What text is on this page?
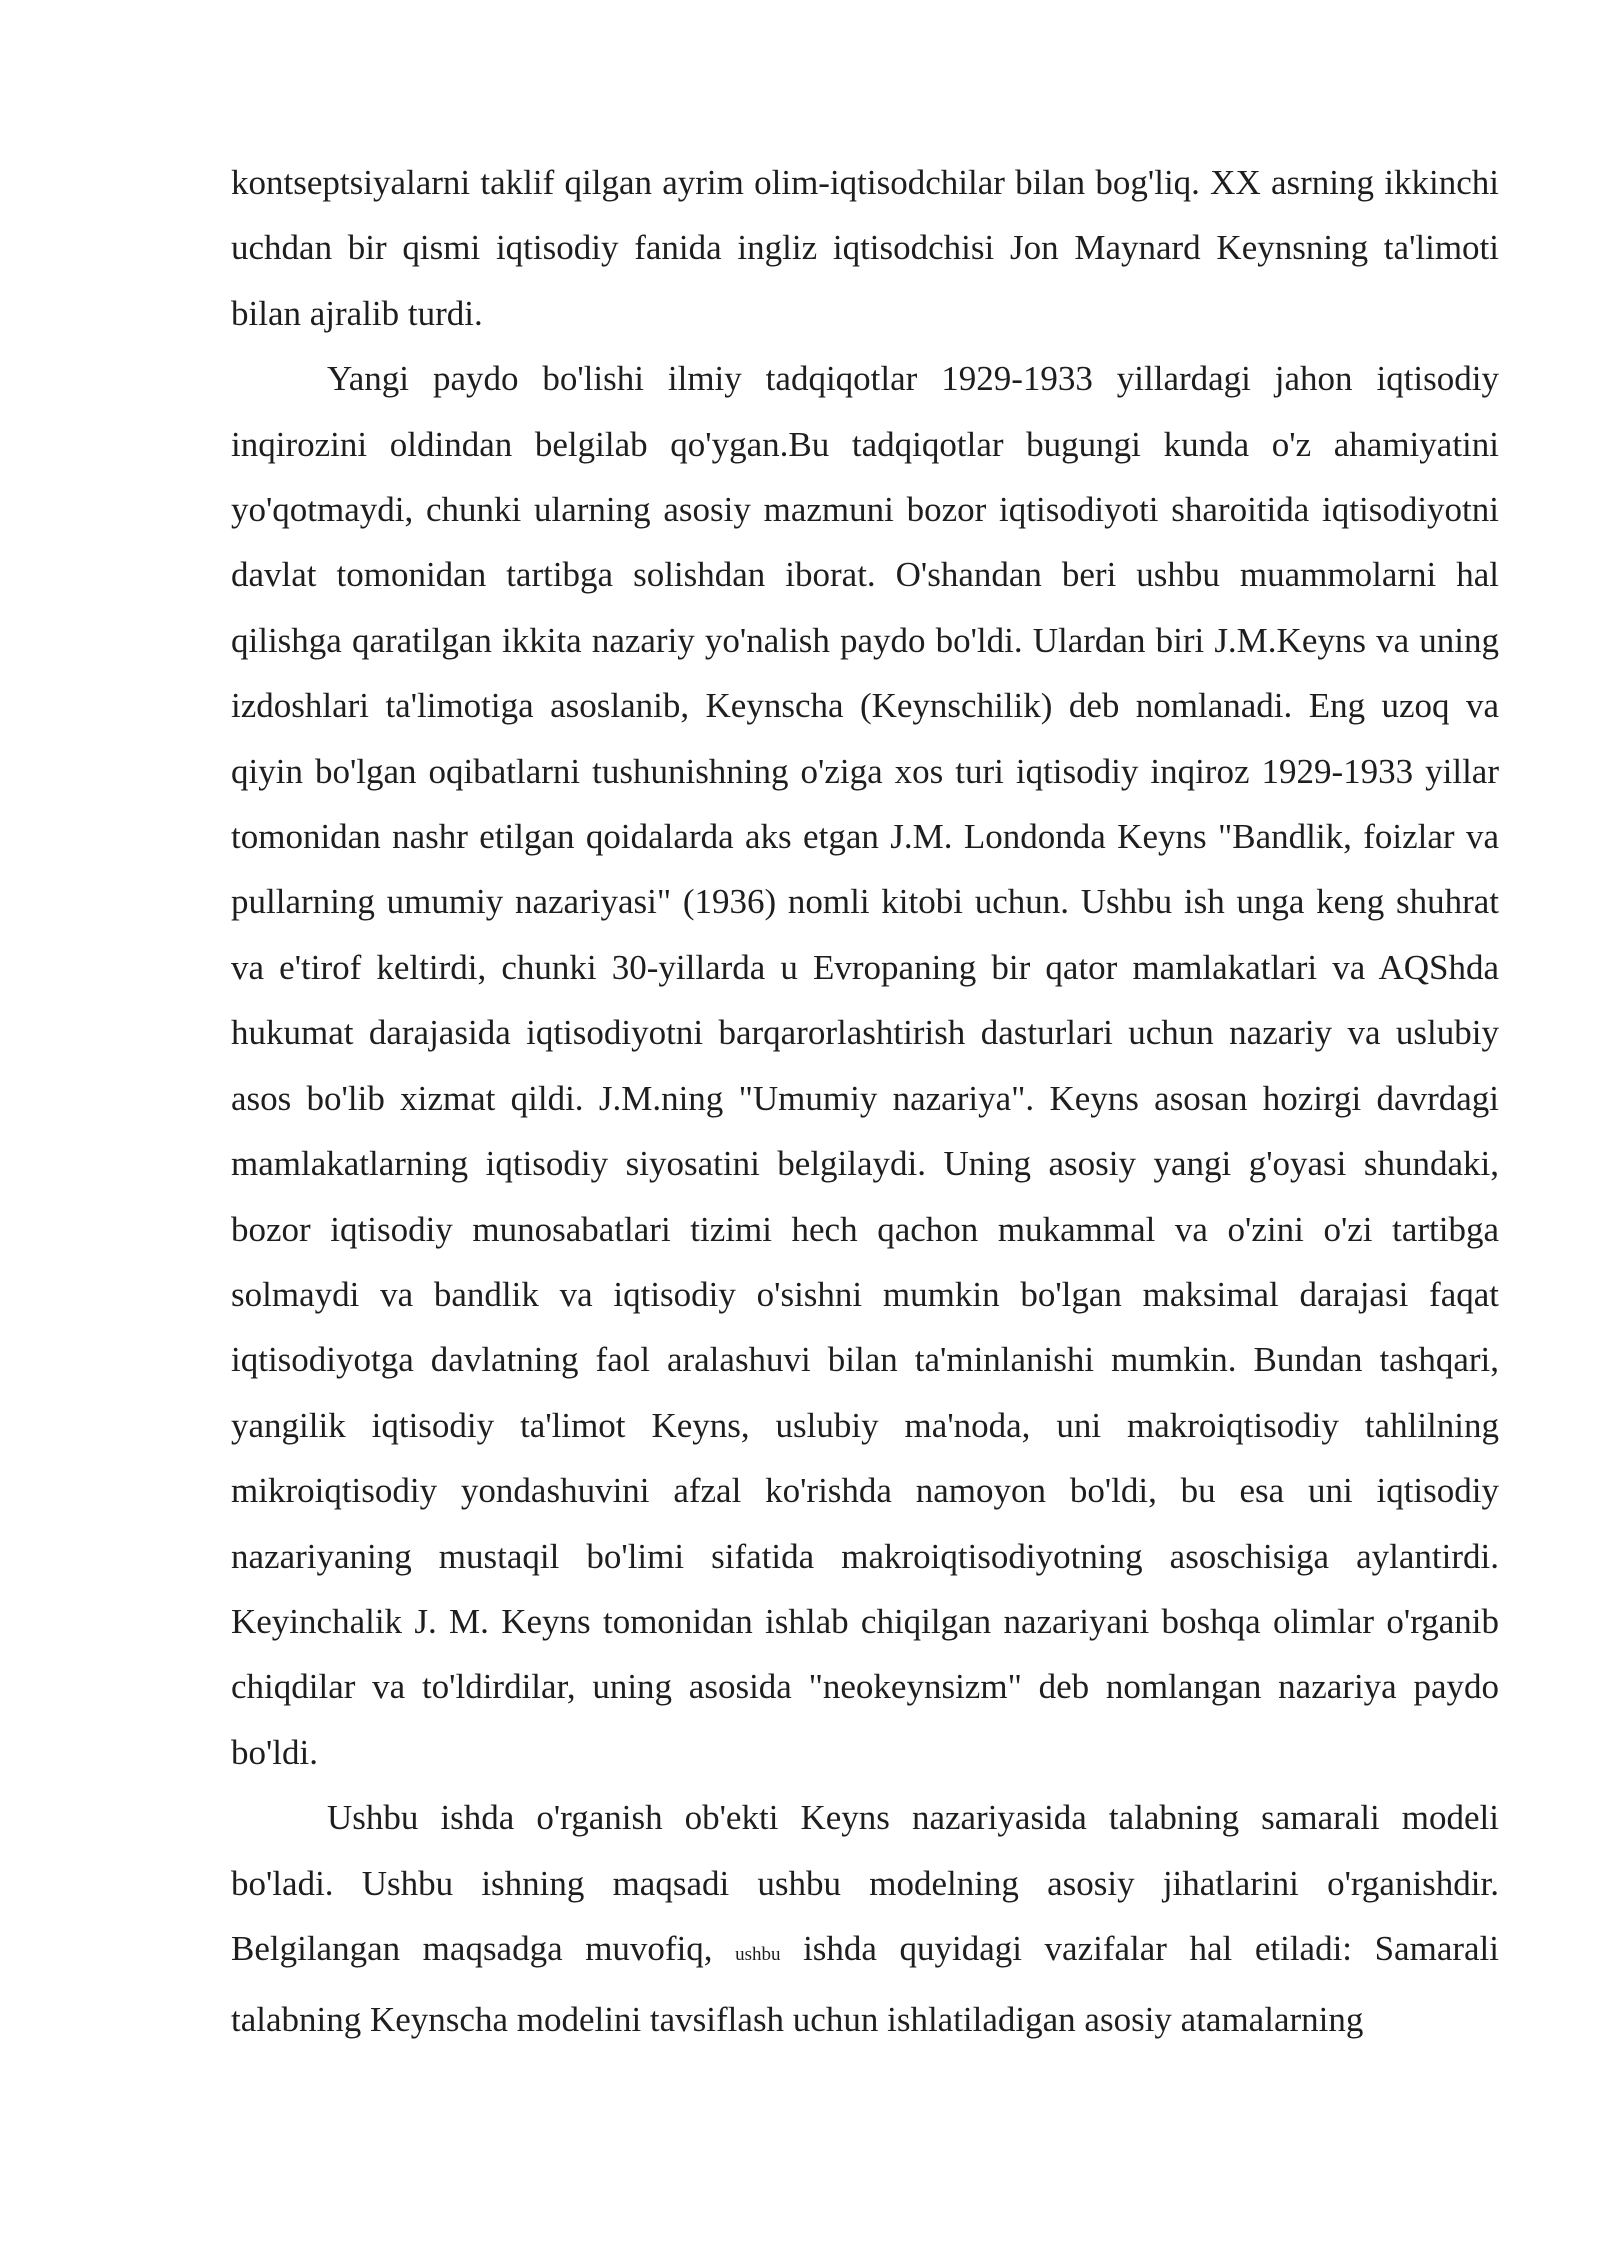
kontseptsiyalarni taklif qilgan ayrim olim-iqtisodchilar bilan bog'liq. XX asrning ikkinchi uchdan bir qismi iqtisodiy fanida ingliz iqtisodchisi Jon Maynard Keynsning ta'limoti bilan ajralib turdi.

Yangi paydo bo'lishi ilmiy tadqiqotlar 1929-1933 yillardagi jahon iqtisodiy inqirozini oldindan belgilab qo'ygan.Bu tadqiqotlar bugungi kunda o'z ahamiyatini yo'qotmaydi, chunki ularning asosiy mazmuni bozor iqtisodiyoti sharoitida iqtisodiyotni davlat tomonidan tartibga solishdan iborat. O'shandan beri ushbu muammolarni hal qilishga qaratilgan ikkita nazariy yo'nalish paydo bo'ldi. Ulardan biri J.M.Keyns va uning izdoshlari ta'limotiga asoslanib, Keynscha (Keynschilik) deb nomlanadi. Eng uzoq va qiyin bo'lgan oqibatlarni tushunishning o'ziga xos turi iqtisodiy inqiroz 1929-1933 yillar tomonidan nashr etilgan qoidalarda aks etgan J.M. Londonda Keyns "Bandlik, foizlar va pullarning umumiy nazariyasi" (1936) nomli kitobi uchun. Ushbu ish unga keng shuhrat va e'tirof keltirdi, chunki 30-yillarda u Evropaning bir qator mamlakatlari va AQShda hukumat darajasida iqtisodiyotni barqarorlashtirish dasturlari uchun nazariy va uslubiy asos bo'lib xizmat qildi. J.M.ning "Umumiy nazariya". Keyns asosan hozirgi davrdagi mamlakatlarning iqtisodiy siyosatini belgilaydi. Uning asosiy yangi g'oyasi shundaki, bozor iqtisodiy munosabatlari tizimi hech qachon mukammal va o'zini o'zi tartibga solmaydi va bandlik va iqtisodiy o'sishni mumkin bo'lgan maksimal darajasi faqat iqtisodiyotga davlatning faol aralashuvi bilan ta'minlanishi mumkin. Bundan tashqari, yangilik iqtisodiy ta'limot Keyns, uslubiy ma'noda, uni makroiqtisodiy tahlilning mikroiqtisodiy yondashuvini afzal ko'rishda namoyon bo'ldi, bu esa uni iqtisodiy nazariyaning mustaqil bo'limi sifatida makroiqtisodiyotning asoschisiga aylantirdi. Keyinchalik J. M. Keyns tomonidan ishlab chiqilgan nazariyani boshqa olimlar o'rganib chiqdilar va to'ldirdilar, uning asosida "neokeynsizm" deb nomlangan nazariya paydo bo'ldi.

Ushbu ishda o'rganish ob'ekti Keyns nazariyasida talabning samarali modeli bo'ladi. Ushbu ishning maqsadi ushbu modelning asosiy jihatlarini o'rganishdir. Belgilangan maqsadga muvofiq, ushbu ishda quyidagi vazifalar hal etiladi: Samarali talabning Keynscha modelini tavsiflash uchun ishlatiladigan asosiy atamalarning
